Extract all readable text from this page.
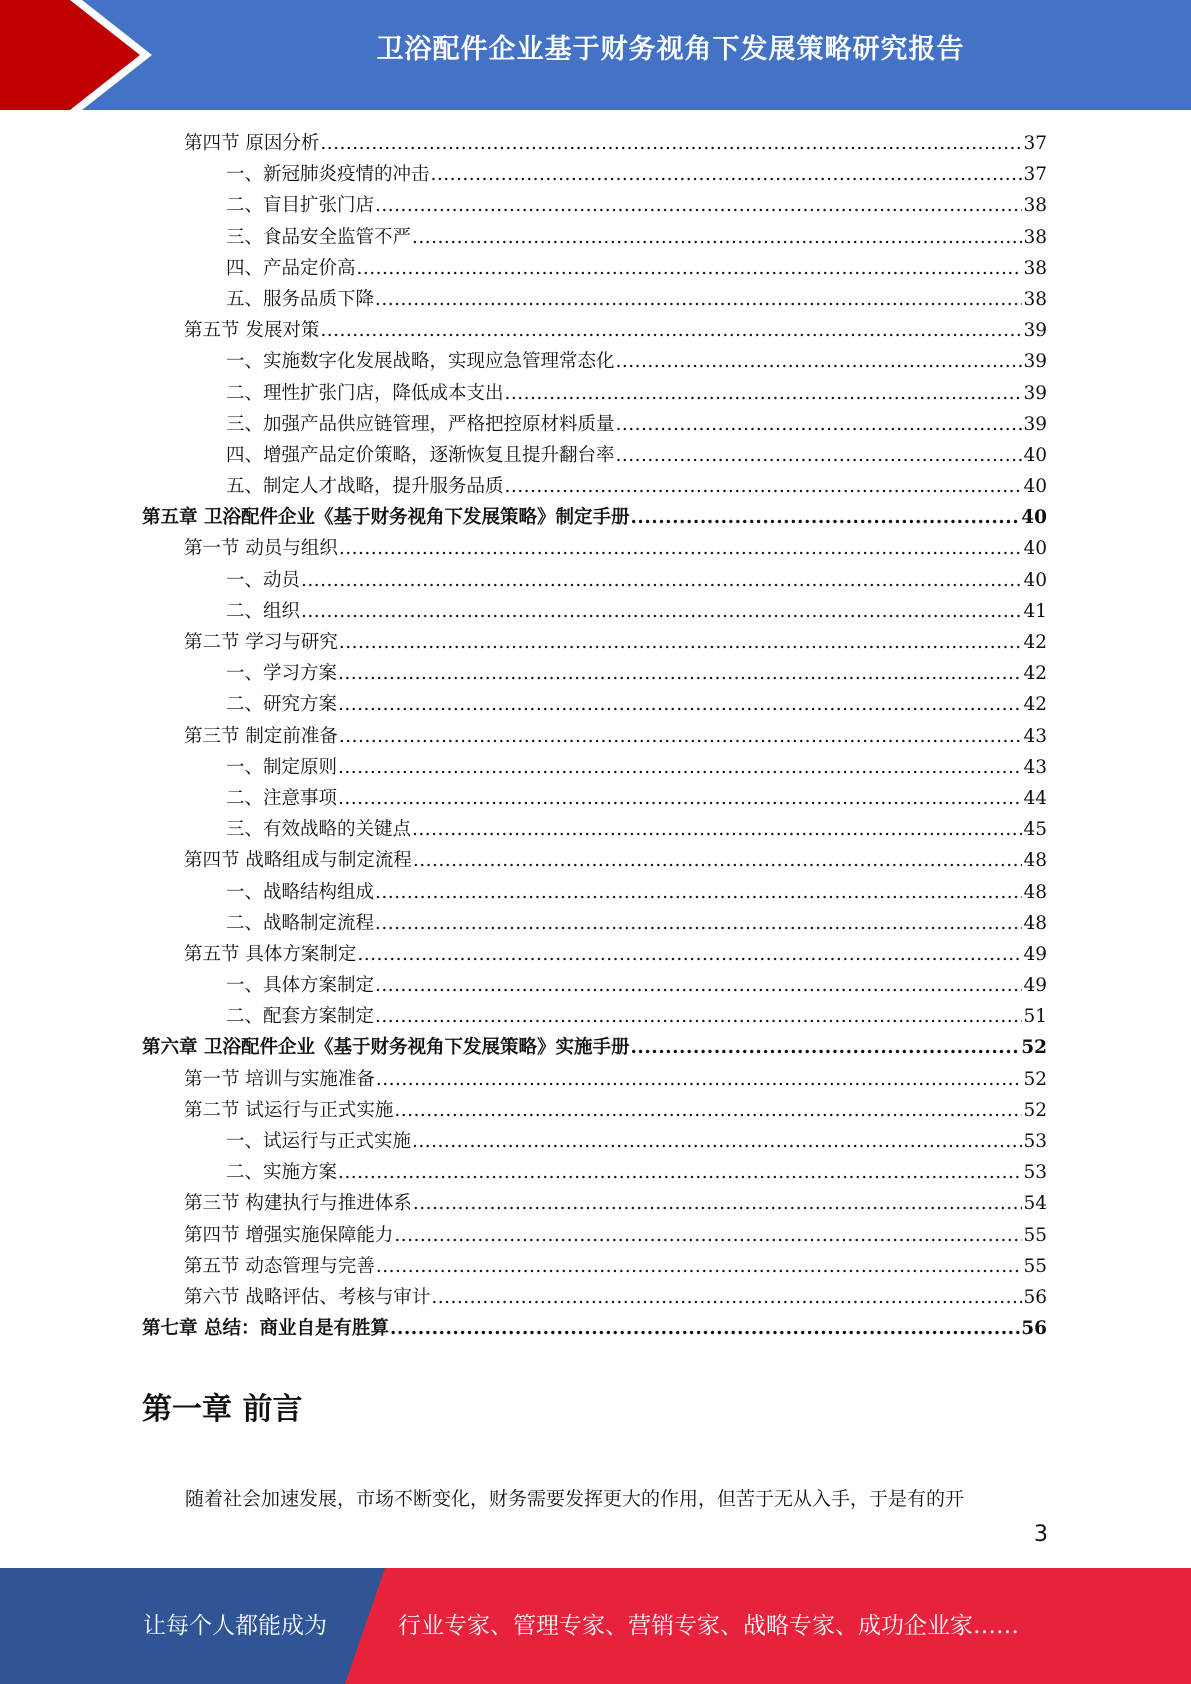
卫浴配件企业基于财务视角下发展策略研究报告
第四节 原因分析 .....	37
一、新冠肺炎疫情的冲击 .....	37
二、盲目扩张门店 .....	38
三、食品安全监管不严 .....	38
四、产品定价高 .....	38
五、服务品质下降 .....	38
第五节 发展对策 .....	39
一、实施数字化发展战略，实现应急管理常态化 .....	39
二、理性扩张门店，降低成本支出 .....	39
三、加强产品供应链管理，严格把控原材料质量 .....	39
四、增强产品定价策略，逐渐恢复且提升翻台率 .....	40
五、制定人才战略，提升服务品质 .....	40
第五章 卫浴配件企业《基于财务视角下发展策略》制定手册 .....	40
第一节 动员与组织 .....	40
一、动员 .....	40
二、组织 .....	41
第二节 学习与研究 .....	42
一、学习方案 .....	42
二、研究方案 .....	42
第三节 制定前准备 .....	43
一、制定原则 .....	43
二、注意事项 .....	44
三、有效战略的关键点 .....	45
第四节 战略组成与制定流程 .....	48
一、战略结构组成 .....	48
二、战略制定流程 .....	48
第五节 具体方案制定 .....	49
一、具体方案制定 .....	49
二、配套方案制定 .....	51
第六章 卫浴配件企业《基于财务视角下发展策略》实施手册 .....	52
第一节 培训与实施准备 .....	52
第二节 试运行与正式实施 .....	52
一、试运行与正式实施 .....	53
二、实施方案 .....	53
第三节 构建执行与推进体系 .....	54
第四节 增强实施保障能力 .....	55
第五节 动态管理与完善 .....	55
第六节 战略评估、考核与审计 .....	56
第七章 总结：商业自是有胜算 .....	56
第一章 前言

随着社会加速发展，市场不断变化，财务需要发挥更大的作用，但苦于无从入手，于是有的开

3
让每个人都能成为	行业专家、管理专家、营销专家、战略专家、成功企业家……
